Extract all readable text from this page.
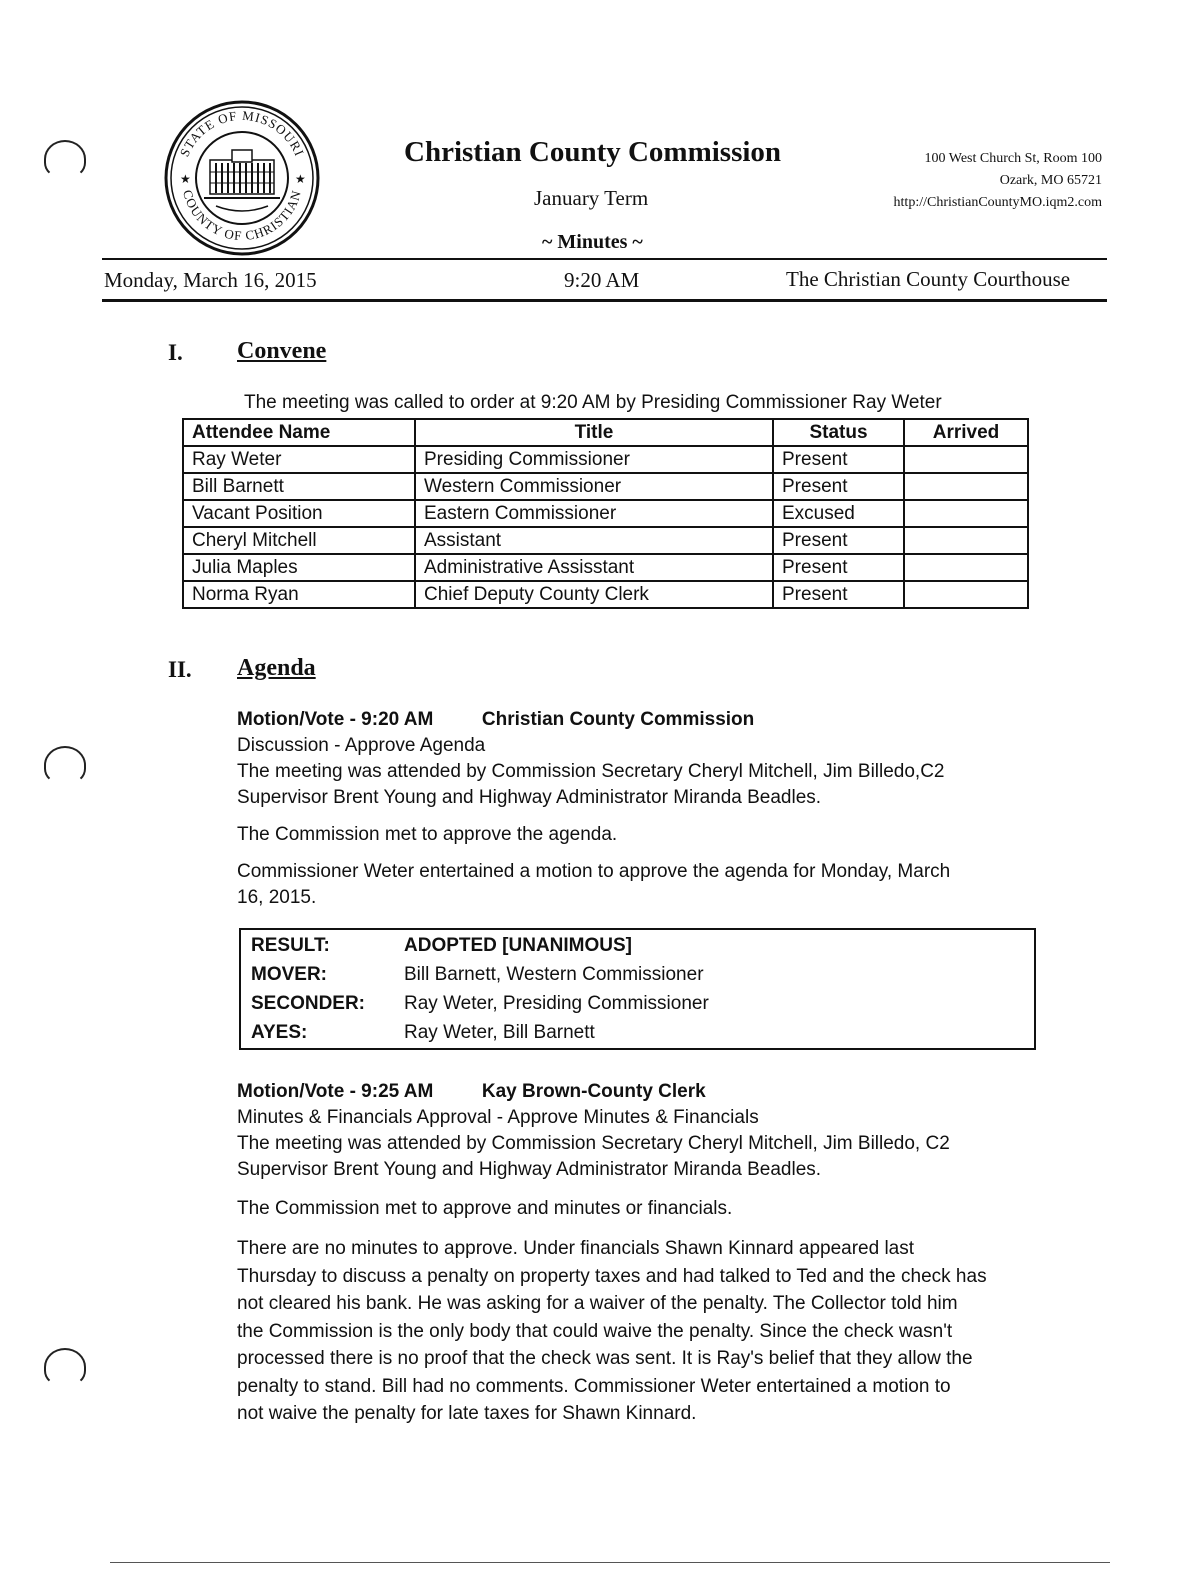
STATE OF MISSOURI
COUNTY OF CHRISTIAN
★	★
Christian County Commission
January Term
~ Minutes ~
100 West Church St, Room 100
Ozark, MO 65721
http://ChristianCountyMO.iqm2.com
Monday, March 16, 2015	9:20 AM	The Christian County Courthouse
I. Convene
The meeting was called to order at 9:20 AM by Presiding Commissioner Ray Weter
Attendee Name	Title	Status	Arrived
Ray Weter	Presiding Commissioner	Present	
Bill Barnett	Western Commissioner	Present	
Vacant Position	Eastern Commissioner	Excused	
Cheryl Mitchell	Assistant	Present	
Julia Maples	Administrative Assisstant	Present	
Norma Ryan	Chief Deputy County Clerk	Present	
II. Agenda
Motion/Vote - 9:20 AM	Christian County Commission
Discussion - Approve Agenda
The meeting was attended by Commission Secretary Cheryl Mitchell, Jim Billedo,C2
Supervisor Brent Young and Highway Administrator Miranda Beadles.
The Commission met to approve the agenda.
Commissioner Weter entertained a motion to approve the agenda for Monday, March
16, 2015.
RESULT:	ADOPTED [UNANIMOUS]
MOVER:	Bill Barnett, Western Commissioner
SECONDER:	Ray Weter, Presiding Commissioner
AYES:	Ray Weter, Bill Barnett
Motion/Vote - 9:25 AM	Kay Brown-County Clerk
Minutes & Financials Approval - Approve Minutes & Financials
The meeting was attended by Commission Secretary Cheryl Mitchell, Jim Billedo, C2
Supervisor Brent Young and Highway Administrator Miranda Beadles.
The Commission met to approve and minutes or financials.
There are no minutes to approve. Under financials Shawn Kinnard appeared last
Thursday to discuss a penalty on property taxes and had talked to Ted and the check has
not cleared his bank. He was asking for a waiver of the penalty. The Collector told him
the Commission is the only body that could waive the penalty. Since the check wasn't
processed there is no proof that the check was sent. It is Ray's belief that they allow the
penalty to stand. Bill had no comments. Commissioner Weter entertained a motion to
not waive the penalty for late taxes for Shawn Kinnard.
